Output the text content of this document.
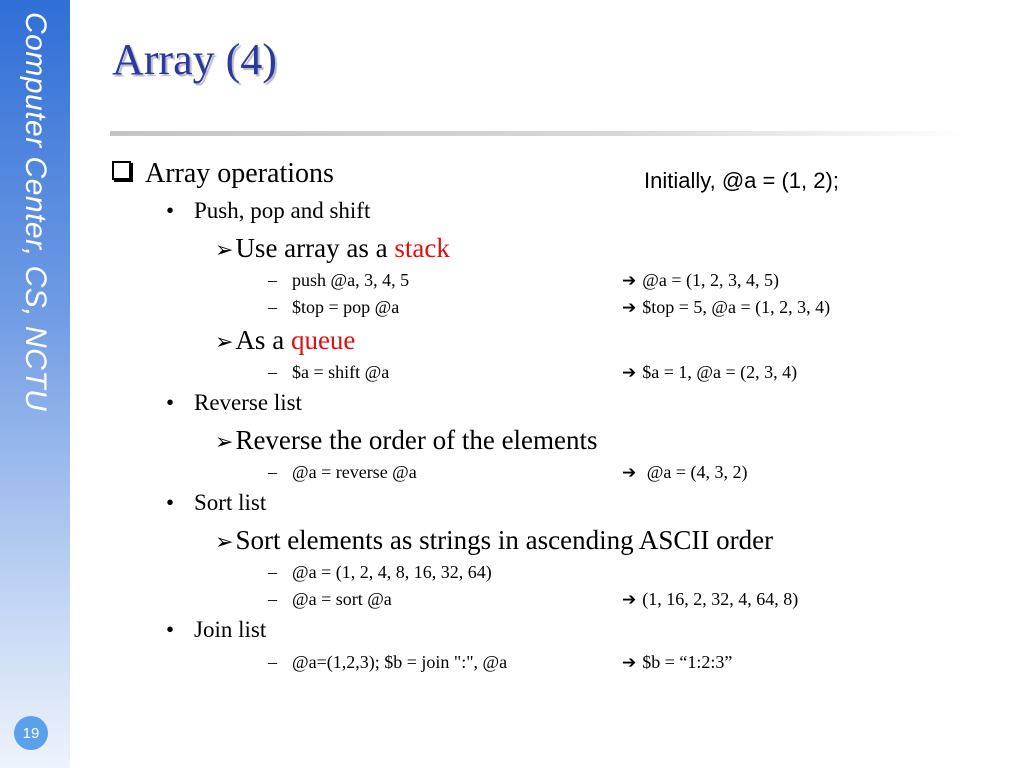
Computer Center, CS, NCTU
19
Array (4)
Initially, @a = (1, 2);
Array operations
• Push, pop and shift
➢Use array as a stack
– push @a, 3, 4, 5	➔ @a = (1, 2, 3, 4, 5)
– $top = pop @a	➔ $top = 5, @a = (1, 2, 3, 4)
➢As a queue
– $a = shift @a	➔ $a = 1, @a = (2, 3, 4)
• Reverse list
➢Reverse the order of the elements
– @a = reverse @a	➔ @a = (4, 3, 2)
• Sort list
➢Sort elements as strings in ascending ASCII order
– @a = (1, 2, 4, 8, 16, 32, 64)
– @a = sort @a	➔ (1, 16, 2, 32, 4, 64, 8)
• Join list
– @a=(1,2,3); $b = join ":", @a	➔ $b = “1:2:3”
